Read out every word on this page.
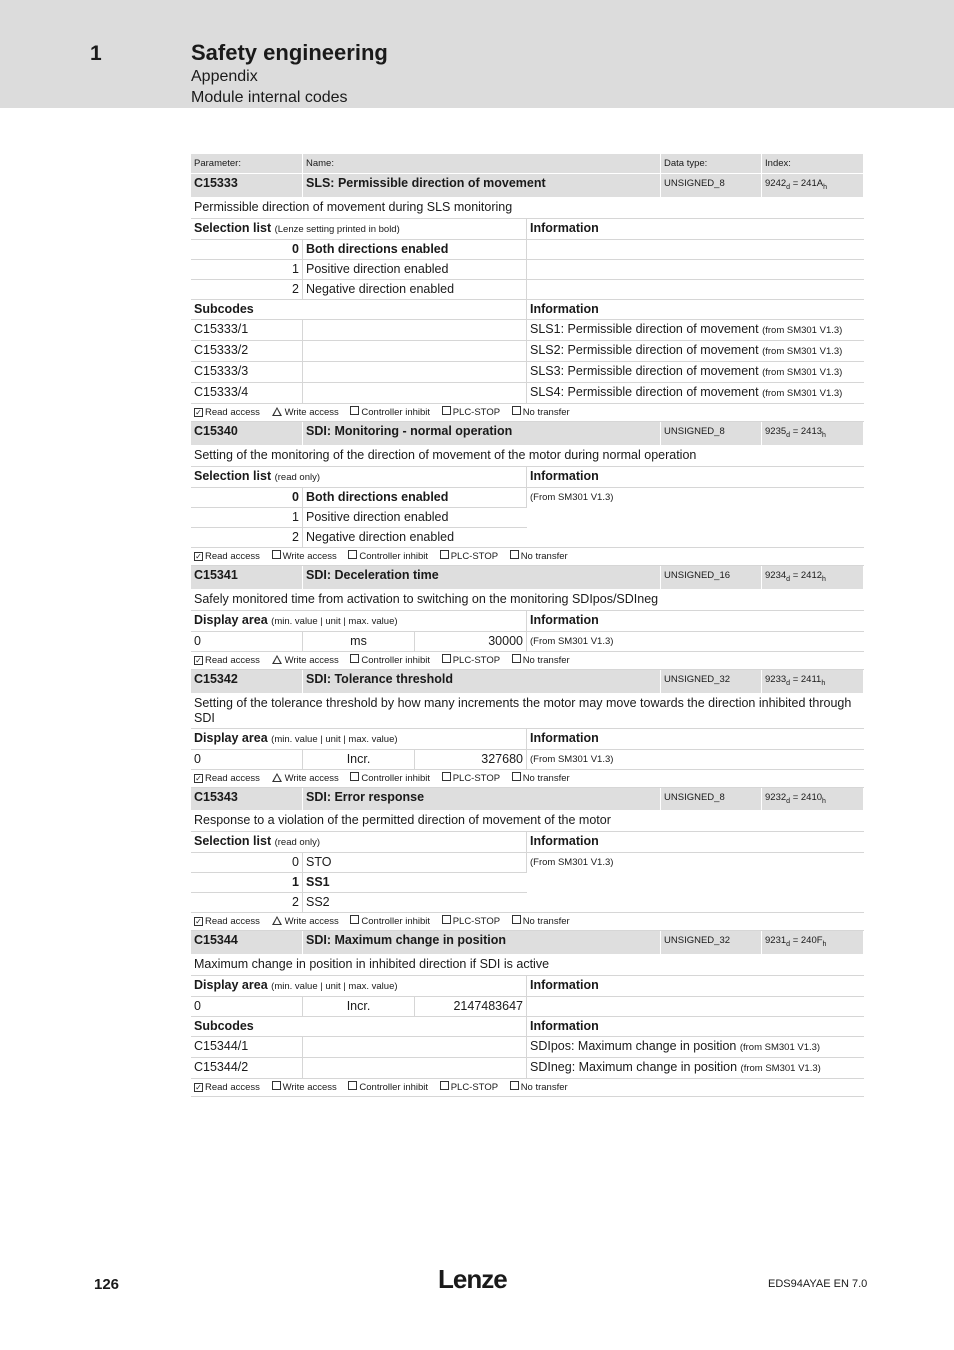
1	Safety engineering
Appendix
Module internal codes
Parameter:	Name:			Data type:	Index:
C15333	SLS: Permissible direction of movement			UNSIGNED_8	$9242_d = 241A_h$
Permissible direction of movement during SLS monitoring					
Selection list (Lenze setting printed in bold)			Information		
0	Both directions enabled				
1	Positive direction enabled				
2	Negative direction enabled				
Subcodes			Information		
C15333/1			SLS1: Permissible direction of movement (from SM301 V1.3)		
C15333/2			SLS2: Permissible direction of movement (from SM301 V1.3)		
C15333/3			SLS3: Permissible direction of movement (from SM301 V1.3)		
C15333/4			SLS4: Permissible direction of movement (from SM301 V1.3)		
✓ Read access Write access Controller inhibit PLC-STOP No transfer					
C15340	SDI: Monitoring - normal operation			UNSIGNED_8	$9235_d = 2413_h$
Setting of the monitoring of the direction of movement of the motor during normal operation					
Selection list (read only)			Information		
0	Both directions enabled		(From SM301 V1.3)		
1	Positive direction enabled				
2	Negative direction enabled				
✓ Read access Write access Controller inhibit PLC-STOP No transfer					
C15341	SDI: Deceleration time			UNSIGNED_16	$9234_d = 2412_h$
Safely monitored time from activation to switching on the monitoring SDIpos/SDIneg					
Display area (min. value | unit | max. value)			Information		
0	ms	30000	(From SM301 V1.3)		
✓ Read access Write access Controller inhibit PLC-STOP No transfer					
C15342	SDI: Tolerance threshold			UNSIGNED_32	$9233_d = 2411_h$
Setting of the tolerance threshold by how many increments the motor may move towards the direction inhibited through SDI					
Display area (min. value | unit | max. value)			Information		
0	Incr.	327680	(From SM301 V1.3)		
✓ Read access Write access Controller inhibit PLC-STOP No transfer					
C15343	SDI: Error response			UNSIGNED_8	$9232_d = 2410_h$
Response to a violation of the permitted direction of movement of the motor					
Selection list (read only)			Information		
0	STO		(From SM301 V1.3)		
1	SS1				
2	SS2				
✓ Read access Write access Controller inhibit PLC-STOP No transfer					
C15344	SDI: Maximum change in position			UNSIGNED_32	$9231_d = 240F_h$
Maximum change in position in inhibited direction if SDI is active					
Display area (min. value | unit | max. value)			Information		
0	Incr.	2147483647			
Subcodes			Information		
C15344/1			SDIpos: Maximum change in position (from SM301 V1.3)		
C15344/2			SDIneg: Maximum change in position (from SM301 V1.3)		
✓ Read access Write access Controller inhibit PLC-STOP No transfer					
126	Lenze	EDS94AYAE EN 7.0
